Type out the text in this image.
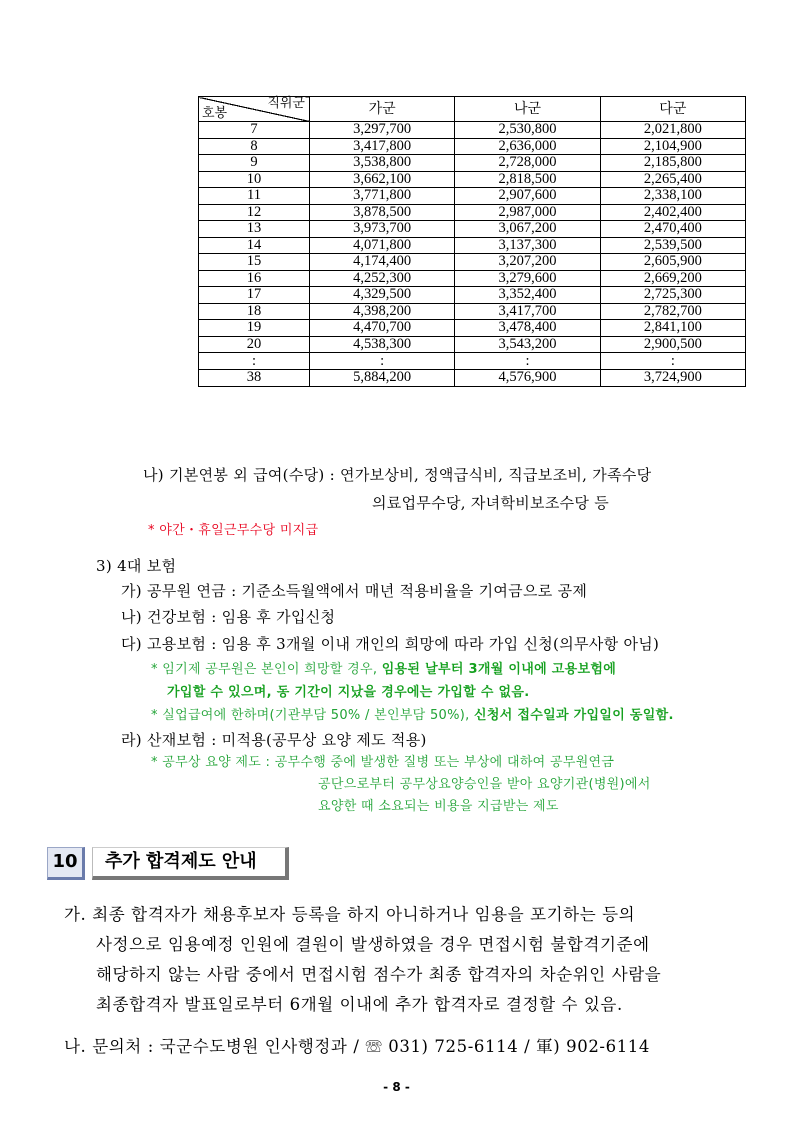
직위군
호봉	가군	나군	다군
7	3,297,700	2,530,800	2,021,800
8	3,417,800	2,636,000	2,104,900
9	3,538,800	2,728,000	2,185,800
10	3,662,100	2,818,500	2,265,400
11	3,771,800	2,907,600	2,338,100
12	3,878,500	2,987,000	2,402,400
13	3,973,700	3,067,200	2,470,400
14	4,071,800	3,137,300	2,539,500
15	4,174,400	3,207,200	2,605,900
16	4,252,300	3,279,600	2,669,200
17	4,329,500	3,352,400	2,725,300
18	4,398,200	3,417,700	2,782,700
19	4,470,700	3,478,400	2,841,100
20	4,538,300	3,543,200	2,900,500
:	:	:	:
38	5,884,200	4,576,900	3,724,900
나) 기본연봉 외 급여(수당) : 연가보상비, 정액급식비, 직급보조비, 가족수당
의료업무수당, 자녀학비보조수당 등
* 야간・휴일근무수당 미지급
3) 4대 보험
가) 공무원 연금 : 기준소득월액에서 매년 적용비율을 기여금으로 공제
나) 건강보험 : 임용 후 가입신청
다) 고용보험 : 임용 후 3개월 이내 개인의 희망에 따라 가입 신청(의무사항 아님)
* 임기제 공무원은 본인이 희망할 경우, 임용된 날부터 3개월 이내에 고용보험에
가입할 수 있으며, 동 기간이 지났을 경우에는 가입할 수 없음.
* 실업급여에 한하며(기관부담 50% / 본인부담 50%), 신청서 접수일과 가입일이 동일함.
라) 산재보험 : 미적용(공무상 요양 제도 적용)
* 공무상 요양 제도 : 공무수행 중에 발생한 질병 또는 부상에 대하여 공무원연금
공단으로부터 공무상요양승인을 받아 요양기관(병원)에서
요양한 때 소요되는 비용을 지급받는 제도
10	추가 합격제도 안내
가. 최종 합격자가 채용후보자 등록을 하지 아니하거나 임용을 포기하는 등의
사정으로 임용예정 인원에 결원이 발생하였을 경우 면접시험 불합격기준에
해당하지 않는 사람 중에서 면접시험 점수가 최종 합격자의 차순위인 사람을
최종합격자 발표일로부터 6개월 이내에 추가 합격자로 결정할 수 있음.
나. 문의처 : 국군수도병원 인사행정과 / ☏ 031) 725-6114 / 軍) 902-6114
- 8 -
